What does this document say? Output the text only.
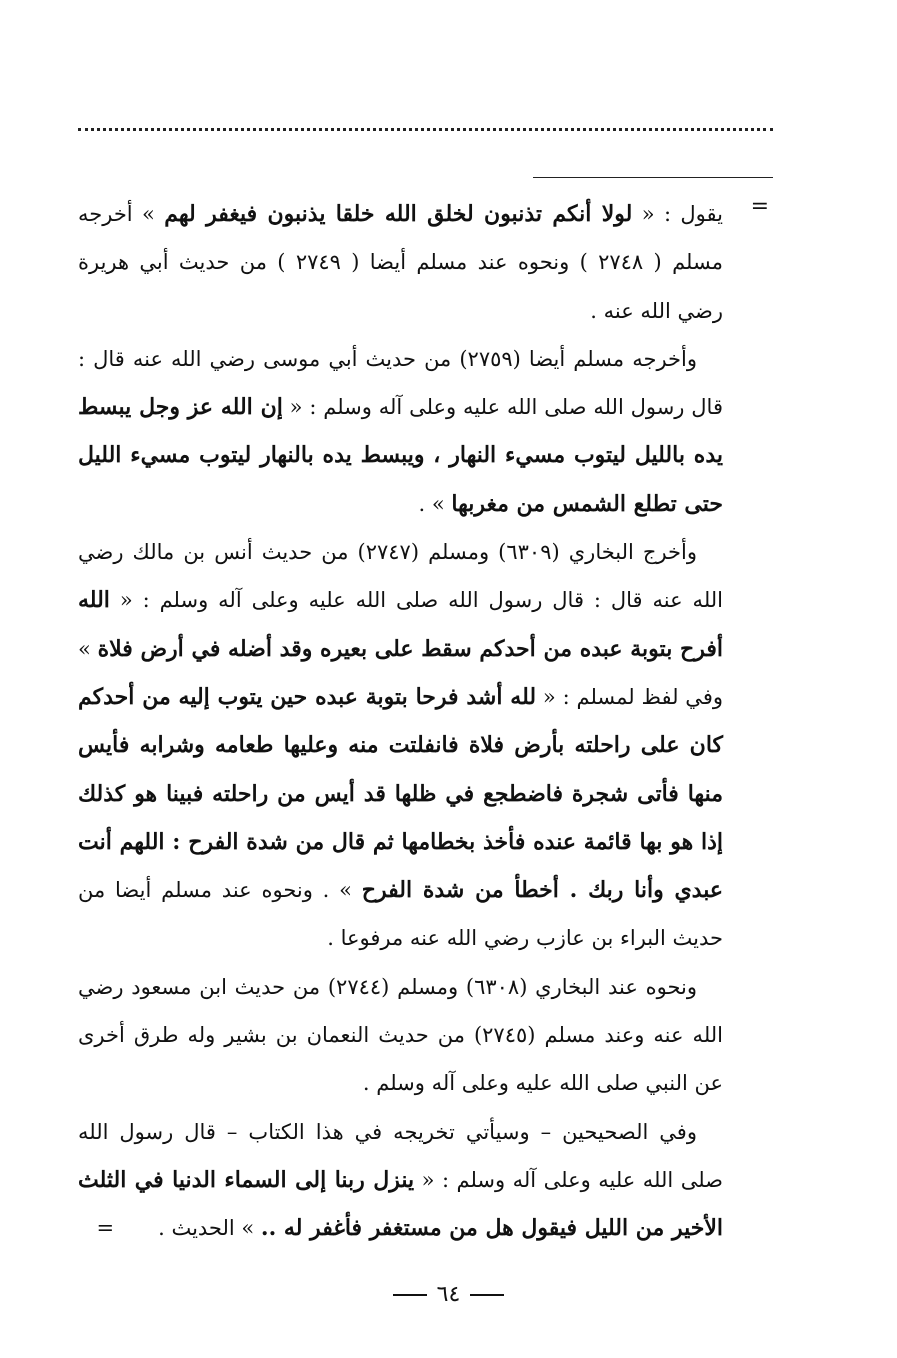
=

يقول : « لولا أنكم تذنبون لخلق الله خلقا يذنبون فيغفر لهم » أخرجه مسلم ( ٢٧٤٨ ) ونحوه عند مسلم أيضا ( ٢٧٤٩ ) من حديث أبي هريرة رضي الله عنه .

وأخرجه مسلم أيضا (٢٧٥٩) من حديث أبي موسى رضي الله عنه قال : قال رسول الله صلى الله عليه وعلى آله وسلم : « إن الله عز وجل يبسط يده بالليل ليتوب مسيء النهار ، ويبسط يده بالنهار ليتوب مسيء الليل حتى تطلع الشمس من مغربها » .

وأخرج البخاري (٦٣٠٩) ومسلم (٢٧٤٧) من حديث أنس بن مالك رضي الله عنه قال : قال رسول الله صلى الله عليه وعلى آله وسلم : « الله أفرح بتوبة عبده من أحدكم سقط على بعيره وقد أضله في أرض فلاة » وفي لفظ لمسلم : « لله أشد فرحا بتوبة عبده حين يتوب إليه من أحدكم كان على راحلته بأرض فلاة فانفلتت منه وعليها طعامه وشرابه فأيس منها فأتى شجرة فاضطجع في ظلها قد أيس من راحلته فبينا هو كذلك إذا هو بها قائمة عنده فأخذ بخطامها ثم قال من شدة الفرح : اللهم أنت عبدي وأنا ربك . أخطأ من شدة الفرح » . ونحوه عند مسلم أيضا من حديث البراء بن عازب رضي الله عنه مرفوعا .

ونحوه عند البخاري (٦٣٠٨) ومسلم (٢٧٤٤) من حديث ابن مسعود رضي الله عنه وعند مسلم (٢٧٤٥) من حديث النعمان بن بشير وله طرق أخرى عن النبي صلى الله عليه وعلى آله وسلم .

وفي الصحيحين – وسيأتي تخريجه في هذا الكتاب – قال رسول الله صلى الله عليه وعلى آله وسلم : « ينزل ربنا إلى السماء الدنيا في الثلث الأخير من الليل فيقول هل من مستغفر فأغفر له .. » الحديث .=

٦٤
